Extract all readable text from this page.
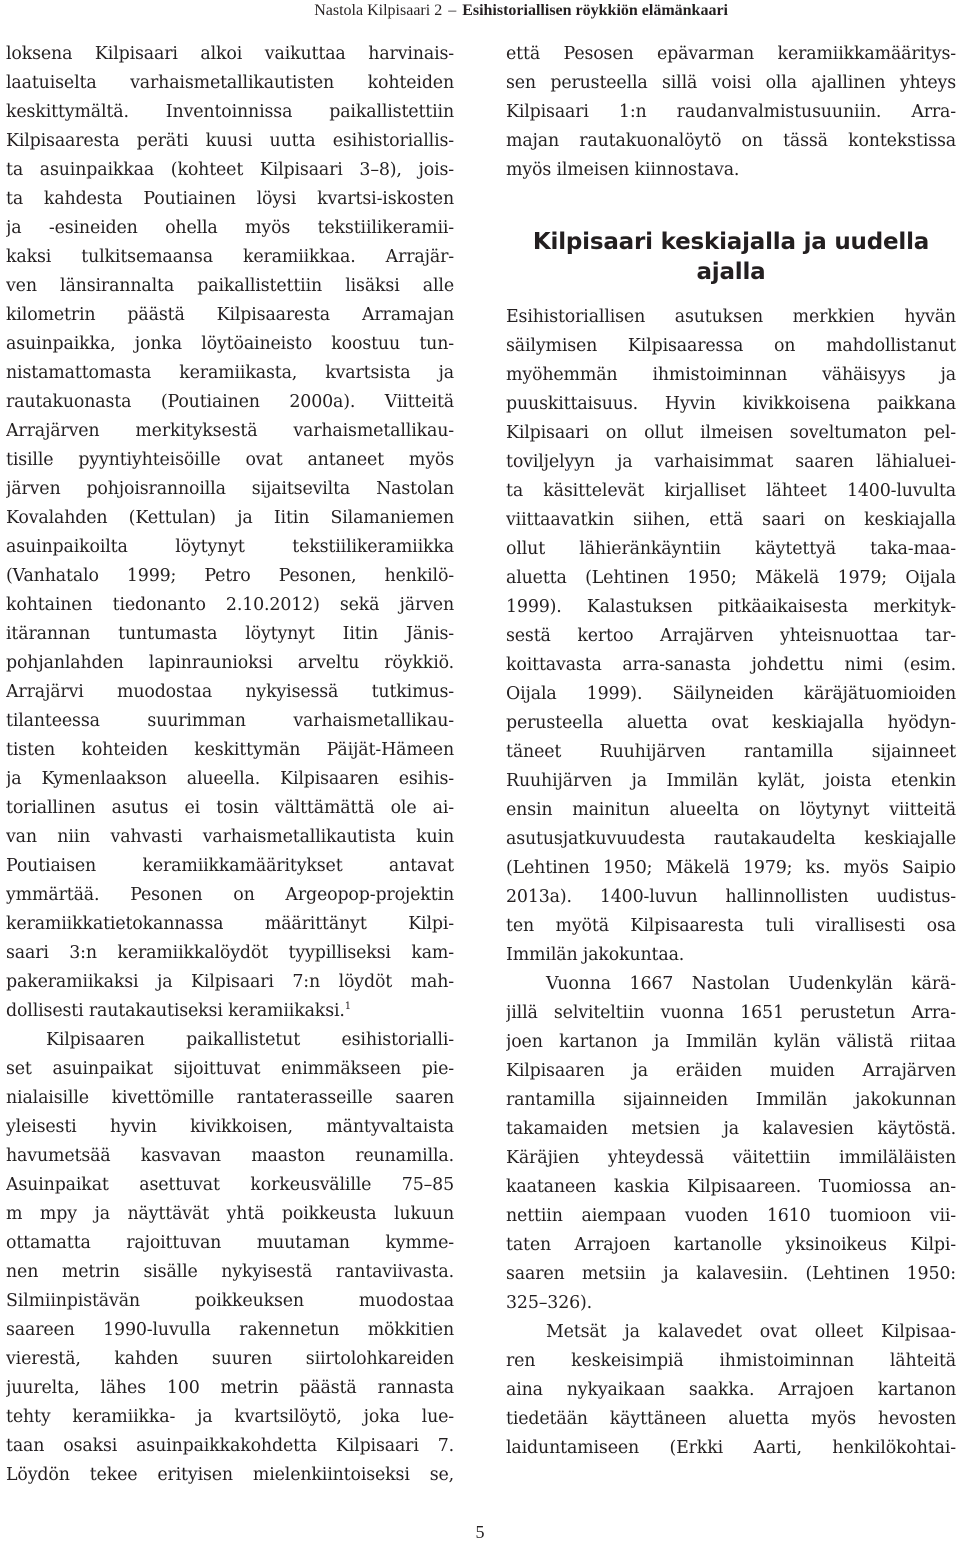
Nastola Kilpisaari 2 – Esihistoriallisen röykkiön elämänkaari
loksena Kilpisaari alkoi vaikuttaa harvinais-
laatuiselta varhaismetallikautisten kohteiden
keskittymältä. Inventoinnissa paikallistettiin
Kilpisaaresta peräti kuusi uutta esihistoriallis-
ta asuinpaikkaa (kohteet Kilpisaari 3–8), jois-
ta kahdesta Poutiainen löysi kvartsi-iskosten
ja -esineiden ohella myös tekstiilikeramii-
kaksi tulkitsemaansa keramiikkaa. Arrajär-
ven länsirannalta paikallistettiin lisäksi alle
kilometrin päästä Kilpisaaresta Arramajan
asuinpaikka, jonka löytöaineisto koostuu tun-
nistamattomasta keramiikasta, kvartsista ja
rautakuonasta (Poutiainen 2000a). Viitteitä
Arrajärven merkityksestä varhaismetallikau-
tisille pyyntiyhteisöille ovat antaneet myös
järven pohjoisrannoilla sijaitsevilta Nastolan
Kovalahden (Kettulan) ja Iitin Silamaniemen
asuinpaikoilta löytynyt tekstiilikeramiikka
(Vanhatalo 1999; Petro Pesonen, henkilö-
kohtainen tiedonanto 2.10.2012) sekä järven
itärannan tuntumasta löytynyt Iitin Jänis-
pohjanlahden lapinraunioksi arveltu röykkiö.
Arrajärvi muodostaa nykyisessä tutkimus-
tilanteessa suurimman varhaismetallikau-
tisten kohteiden keskittymän Päijät-Hämeen
ja Kymenlaakson alueella. Kilpisaaren esihis-
toriallinen asutus ei tosin välttämättä ole ai-
van niin vahvasti varhaismetallikautista kuin
Poutiaisen keramiikkamääritykset antavat
ymmärtää. Pesonen on Argeopop-projektin
keramiikkatietokannassa määrittänyt Kilpi-
saari 3:n keramiikkalöydöt tyypilliseksi kam-
pakeramiikaksi ja Kilpisaari 7:n löydöt mah-
dollisesti rautakautiseksi keramiikaksi.$^1$
Kilpisaaren paikallistetut esihistorialli-
set asuinpaikat sijoittuvat enimmäkseen pie-
nialaisille kivettömille rantaterasseille saaren
yleisesti hyvin kivikkoisen, mäntyvaltaista
havumetsää kasvavan maaston reunamilla.
Asuinpaikat asettuvat korkeusvälille 75–85
m mpy ja näyttävät yhtä poikkeusta lukuun
ottamatta rajoittuvan muutaman kymme-
nen metrin sisälle nykyisestä rantaviivasta.
Silmiinpistävän poikkeuksen muodostaa
saareen 1990-luvulla rakennetun mökkitien
vierestä, kahden suuren siirtolohkareiden
juurelta, lähes 100 metrin päästä rannasta
tehty keramiikka- ja kvartsilöytö, joka lue-
taan osaksi asuinpaikkakohdetta Kilpisaari 7.
Löydön tekee erityisen mielenkiintoiseksi se,
että Pesosen epävarman keramiikkamääritys-
sen perusteella sillä voisi olla ajallinen yhteys
Kilpisaari 1:n raudanvalmistusuuniin. Arra-
majan rautakuonalöytö on tässä kontekstissa
myös ilmeisen kiinnostava.
Kilpisaari keskiajalla ja uudella
ajalla
Esihistoriallisen asutuksen merkkien hyvän
säilymisen Kilpisaaressa on mahdollistanut
myöhemmän ihmistoiminnan vähäisyys ja
puuskittaisuus. Hyvin kivikkoisena paikkana
Kilpisaari on ollut ilmeisen soveltumaton pel-
toviljelyyn ja varhaisimmat saaren lähialuei-
ta käsittelevät kirjalliset lähteet 1400-luvulta
viittaavatkin siihen, että saari on keskiajalla
ollut lähieränkäyntiin käytettyä taka-maa-
aluetta (Lehtinen 1950; Mäkelä 1979; Oijala
1999). Kalastuksen pitkäaikaisesta merkityk-
sestä kertoo Arrajärven yhteisnuottaa tar-
koittavasta arra-sanasta johdettu nimi (esim.
Oijala 1999). Säilyneiden käräjätuomioiden
perusteella aluetta ovat keskiajalla hyödyn-
täneet Ruuhijärven rantamilla sijainneet
Ruuhijärven ja Immilän kylät, joista etenkin
ensin mainitun alueelta on löytynyt viitteitä
asutusjatkuvuudesta rautakaudelta keskiajalle
(Lehtinen 1950; Mäkelä 1979; ks. myös Saipio
2013a). 1400-luvun hallinnollisten uudistus-
ten myötä Kilpisaaresta tuli virallisesti osa
Immilän jakokuntaa.
Vuonna 1667 Nastolan Uudenkylän kärä-
jillä selviteltiin vuonna 1651 perustetun Arra-
joen kartanon ja Immilän kylän välistä riitaa
Kilpisaaren ja eräiden muiden Arrajärven
rantamilla sijainneiden Immilän jakokunnan
takamaiden metsien ja kalavesien käytöstä.
Käräjien yhteydessä väitettiin immiläläisten
kaataneen kaskia Kilpisaareen. Tuomiossa an-
nettiin aiempaan vuoden 1610 tuomioon vii-
taten Arrajoen kartanolle yksinoikeus Kilpi-
saaren metsiin ja kalavesiin. (Lehtinen 1950:
325–326).
Metsät ja kalavedet ovat olleet Kilpisaa-
ren keskeisimpiä ihmistoiminnan lähteitä
aina nykyaikaan saakka. Arrajoen kartanon
tiedetään käyttäneen aluetta myös hevosten
laiduntamiseen (Erkki Aarti, henkilökohtai-
5
